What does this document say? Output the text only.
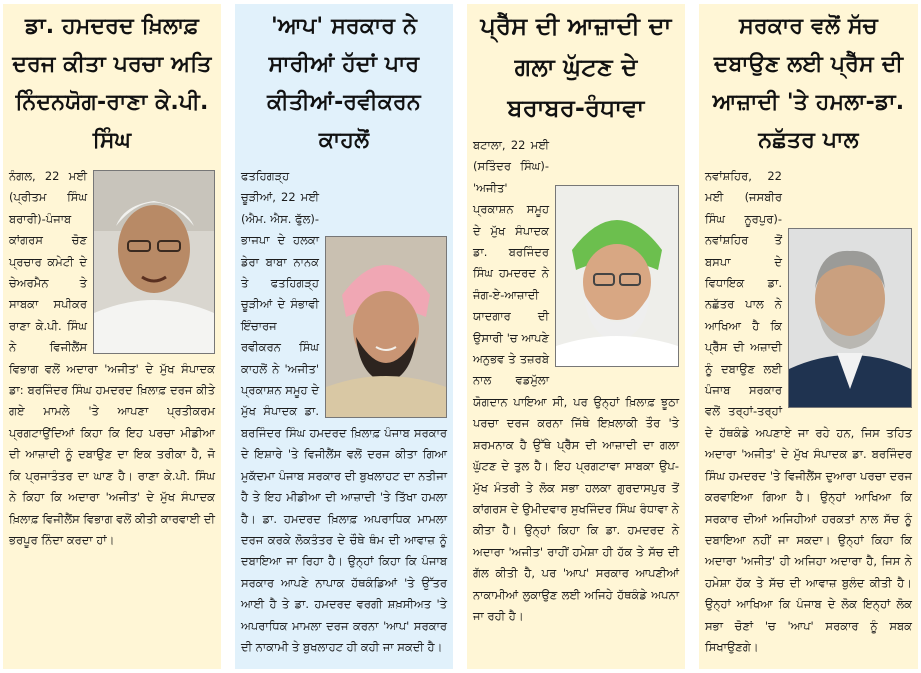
ਡਾ. ਹਮਦਰਦ ਖ਼ਿਲਾਫ਼ ਦਰਜ ਕੀਤਾ ਪਰਚਾ ਅਤਿ ਨਿੰਦਨਯੋਗ-ਰਾਣਾ ਕੇ.ਪੀ. ਸਿੰਘ
ਨੰਗਲ, 22 ਮਈ (ਪ੍ਰੀਤਮ ਸਿੰਘ ਬਰਾਰੀ)-ਪੰਜਾਬ ਕਾਂਗਰਸ ਚੋਣ ਪ੍ਰਚਾਰ ਕਮੇਟੀ ਦੇ ਚੇਅਰਮੈਨ ਤੇ ਸਾਬਕਾ ਸਪੀਕਰ ਰਾਣਾ ਕੇ.ਪੀ. ਸਿੰਘ ਨੇ ਵਿਜੀਲੈਂਸ ਵਿਭਾਗ ਵਲੋਂ ਅਦਾਰਾ 'ਅਜੀਤ' ਦੇ ਮੁੱਖ ਸੰਪਾਦਕ ਡਾ: ਬਰਜਿੰਦਰ ਸਿੰਘ ਹਮਦਰਦ ਖ਼ਿਲਾਫ਼ ਦਰਜ ਕੀਤੇ ਗਏ ਮਾਮਲੇ 'ਤੇ ਆਪਣਾ ਪ੍ਰਤੀਕਰਮ ਪ੍ਰਗਟਾਉਂਦਿਆਂ ਕਿਹਾ ਕਿ ਇਹ ਪਰਚਾ ਮੀਡੀਆ ਦੀ ਆਜ਼ਾਦੀ ਨੂੰ ਦਬਾਉਣ ਦਾ ਇਕ ਤਰੀਕਾ ਹੈ, ਜੋ ਕਿ ਪ੍ਰਜਾਤੰਤਰ ਦਾ ਘਾਣ ਹੈ। ਰਾਣਾ ਕੇ.ਪੀ. ਸਿੰਘ ਨੇ ਕਿਹਾ ਕਿ ਅਦਾਰਾ 'ਅਜੀਤ' ਦੇ ਮੁੱਖ ਸੰਪਾਦਕ ਖ਼ਿਲਾਫ਼ ਵਿਜੀਲੈਂਸ ਵਿਭਾਗ ਵਲੋਂ ਕੀਤੀ ਕਾਰਵਾਈ ਦੀ ਭਰਪੂਰ ਨਿੰਦਾ ਕਰਦਾ ਹਾਂ।
'ਆਪ' ਸਰਕਾਰ ਨੇ ਸਾਰੀਆਂ ਹੱਦਾਂ ਪਾਰ ਕੀਤੀਆਂ-ਰਵੀਕਰਨ ਕਾਹਲੋਂ
ਫਤਹਿਗੜ੍ਹ ਚੂੜੀਆਂ, 22 ਮਈ (ਐਮ. ਐਸ. ਫੁੱਲ)-ਭਾਜਪਾ ਦੇ ਹਲਕਾ ਡੇਰਾ ਬਾਬਾ ਨਾਨਕ ਤੇ ਫਤਹਿਗੜ੍ਹ ਚੂੜੀਆਂ ਦੇ ਸੰਭਾਵੀ ਇੰਚਾਰਜ ਰਵੀਕਰਨ ਸਿੰਘ ਕਾਹਲੋਂ ਨੇ 'ਅਜੀਤ' ਪ੍ਰਕਾਸ਼ਨ ਸਮੂਹ ਦੇ ਮੁੱਖ ਸੰਪਾਦਕ ਡਾ. ਬਰਜਿੰਦਰ ਸਿੰਘ ਹਮਦਰਦ ਖ਼ਿਲਾਫ਼ ਪੰਜਾਬ ਸਰਕਾਰ ਦੇ ਇਸ਼ਾਰੇ 'ਤੇ ਵਿਜੀਲੈਂਸ ਵਲੋਂ ਦਰਜ ਕੀਤਾ ਗਿਆ ਮੁਕੱਦਮਾ ਪੰਜਾਬ ਸਰਕਾਰ ਦੀ ਬੁਖਲਾਹਟ ਦਾ ਨਤੀਜਾ ਹੈ ਤੇ ਇਹ ਮੀਡੀਆ ਦੀ ਆਜ਼ਾਦੀ 'ਤੇ ਤਿੱਖਾ ਹਮਲਾ ਹੈ। ਡਾ. ਹਮਦਰਦ ਖ਼ਿਲਾਫ਼ ਅਪਰਾਧਿਕ ਮਾਮਲਾ ਦਰਜ ਕਰਕੇ ਲੋਕਤੰਤਰ ਦੇ ਚੌਥੇ ਥੰਮ ਦੀ ਆਵਾਜ਼ ਨੂੰ ਦਬਾਇਆ ਜਾ ਰਿਹਾ ਹੈ। ਉਨ੍ਹਾਂ ਕਿਹਾ ਕਿ ਪੰਜਾਬ ਸਰਕਾਰ ਆਪਣੇ ਨਾਪਾਕ ਹੱਥਕੰਡਿਆਂ 'ਤੇ ਉੱਤਰ ਆਈ ਹੈ ਤੇ ਡਾ. ਹਮਦਰਦ ਵਰਗੀ ਸ਼ਖ਼ਸੀਅਤ 'ਤੇ ਅਪਰਾਧਿਕ ਮਾਮਲਾ ਦਰਜ ਕਰਨਾ 'ਆਪ' ਸਰਕਾਰ ਦੀ ਨਾਕਾਮੀ ਤੇ ਬੁਖਲਾਹਟ ਹੀ ਕਹੀ ਜਾ ਸਕਦੀ ਹੈ।
ਪ੍ਰੈੱਸ ਦੀ ਆਜ਼ਾਦੀ ਦਾ ਗਲਾ ਘੁੱਟਣ ਦੇ ਬਰਾਬਰ-ਰੰਧਾਵਾ
ਬਟਾਲਾ, 22 ਮਈ (ਸਤਿੰਦਰ ਸਿੰਘ)-'ਅਜੀਤ' ਪ੍ਰਕਾਸ਼ਨ ਸਮੂਹ ਦੇ ਮੁੱਖ ਸੰਪਾਦਕ ਡਾ. ਬਰਜਿੰਦਰ ਸਿੰਘ ਹਮਦਰਦ ਨੇ ਜੰਗ-ਏ-ਆਜ਼ਾਦੀ ਯਾਦਗਾਰ ਦੀ ਉਸਾਰੀ 'ਚ ਆਪਣੇ ਅਨੁਭਵ ਤੇ ਤਜ਼ਰਬੇ ਨਾਲ ਵਡਮੁੱਲਾ ਯੋਗਦਾਨ ਪਾਇਆ ਸੀ, ਪਰ ਉਨ੍ਹਾਂ ਖ਼ਿਲਾਫ਼ ਝੂਠਾ ਪਰਚਾ ਦਰਜ ਕਰਨਾ ਜਿੱਥੇ ਇਖ਼ਲਾਕੀ ਤੌਰ 'ਤੇ ਸ਼ਰਮਨਾਕ ਹੈ ਉੱਥੇ ਪ੍ਰੈੱਸ ਦੀ ਆਜ਼ਾਦੀ ਦਾ ਗਲਾ ਘੁੱਟਣ ਦੇ ਤੁਲ ਹੈ। ਇਹ ਪ੍ਰਗਟਾਵਾ ਸਾਬਕਾ ਉਪ-ਮੁੱਖ ਮੰਤਰੀ ਤੇ ਲੋਕ ਸਭਾ ਹਲਕਾ ਗੁਰਦਾਸਪੁਰ ਤੋਂ ਕਾਂਗਰਸ ਦੇ ਉਮੀਦਵਾਰ ਸੁਖਜਿੰਦਰ ਸਿੰਘ ਰੰਧਾਵਾ ਨੇ ਕੀਤਾ ਹੈ। ਉਨ੍ਹਾਂ ਕਿਹਾ ਕਿ ਡਾ. ਹਮਦਰਦ ਨੇ ਅਦਾਰਾ 'ਅਜੀਤ' ਰਾਹੀਂ ਹਮੇਸ਼ਾ ਹੀ ਹੱਕ ਤੇ ਸੱਚ ਦੀ ਗੱਲ ਕੀਤੀ ਹੈ, ਪਰ 'ਆਪ' ਸਰਕਾਰ ਆਪਣੀਆਂ ਨਾਕਾਮੀਆਂ ਲੁਕਾਉਣ ਲਈ ਅਜਿਹੇ ਹੱਥਕੰਡੇ ਅਪਨਾ ਜਾ ਰਹੀ ਹੈ।
ਸਰਕਾਰ ਵਲੋਂ ਸੱਚ ਦਬਾਉਣ ਲਈ ਪ੍ਰੈੱਸ ਦੀ ਆਜ਼ਾਦੀ 'ਤੇ ਹਮਲਾ-ਡਾ. ਨਛੱਤਰ ਪਾਲ
ਨਵਾਂਸ਼ਹਿਰ, 22 ਮਈ (ਜਸਬੀਰ ਸਿੰਘ ਨੂਰਪੁਰ)-ਨਵਾਂਸ਼ਹਿਰ ਤੋਂ ਬਸਪਾ ਦੇ ਵਿਧਾਇਕ ਡਾ. ਨਛੱਤਰ ਪਾਲ ਨੇ ਆਖਿਆ ਹੈ ਕਿ ਪ੍ਰੈੱਸ ਦੀ ਅਜ਼ਾਦੀ ਨੂੰ ਦਬਾਉਣ ਲਈ ਪੰਜਾਬ ਸਰਕਾਰ ਵਲੋਂ ਤਰ੍ਹਾਂ-ਤਰ੍ਹਾਂ ਦੇ ਹੱਥਕੰਡੇ ਅਪਣਾਏ ਜਾ ਰਹੇ ਹਨ, ਜਿਸ ਤਹਿਤ ਅਦਾਰਾ 'ਅਜੀਤ' ਦੇ ਮੁੱਖ ਸੰਪਾਦਕ ਡਾ. ਬਰਜਿੰਦਰ ਸਿੰਘ ਹਮਦਰਦ 'ਤੇ ਵਿਜੀਲੈਂਸ ਦੁਆਰਾ ਪਰਚਾ ਦਰਜ ਕਰਵਾਇਆ ਗਿਆ ਹੈ। ਉਨ੍ਹਾਂ ਆਖਿਆ ਕਿ ਸਰਕਾਰ ਦੀਆਂ ਅਜਿਹੀਆਂ ਹਰਕਤਾਂ ਨਾਲ ਸੱਚ ਨੂੰ ਦਬਾਇਆ ਨਹੀਂ ਜਾ ਸਕਦਾ। ਉਨ੍ਹਾਂ ਕਿਹਾ ਕਿ ਅਦਾਰਾ 'ਅਜੀਤ' ਹੀ ਅਜਿਹਾ ਅਦਾਰਾ ਹੈ, ਜਿਸ ਨੇ ਹਮੇਸ਼ਾ ਹੱਕ ਤੇ ਸੱਚ ਦੀ ਆਵਾਜ਼ ਬੁਲੰਦ ਕੀਤੀ ਹੈ। ਉਨ੍ਹਾਂ ਆਖਿਆ ਕਿ ਪੰਜਾਬ ਦੇ ਲੋਕ ਇਨ੍ਹਾਂ ਲੋਕ ਸਭਾ ਚੋਣਾਂ 'ਚ 'ਆਪ' ਸਰਕਾਰ ਨੂੰ ਸਬਕ ਸਿਖਾਉਣਗੇ।
